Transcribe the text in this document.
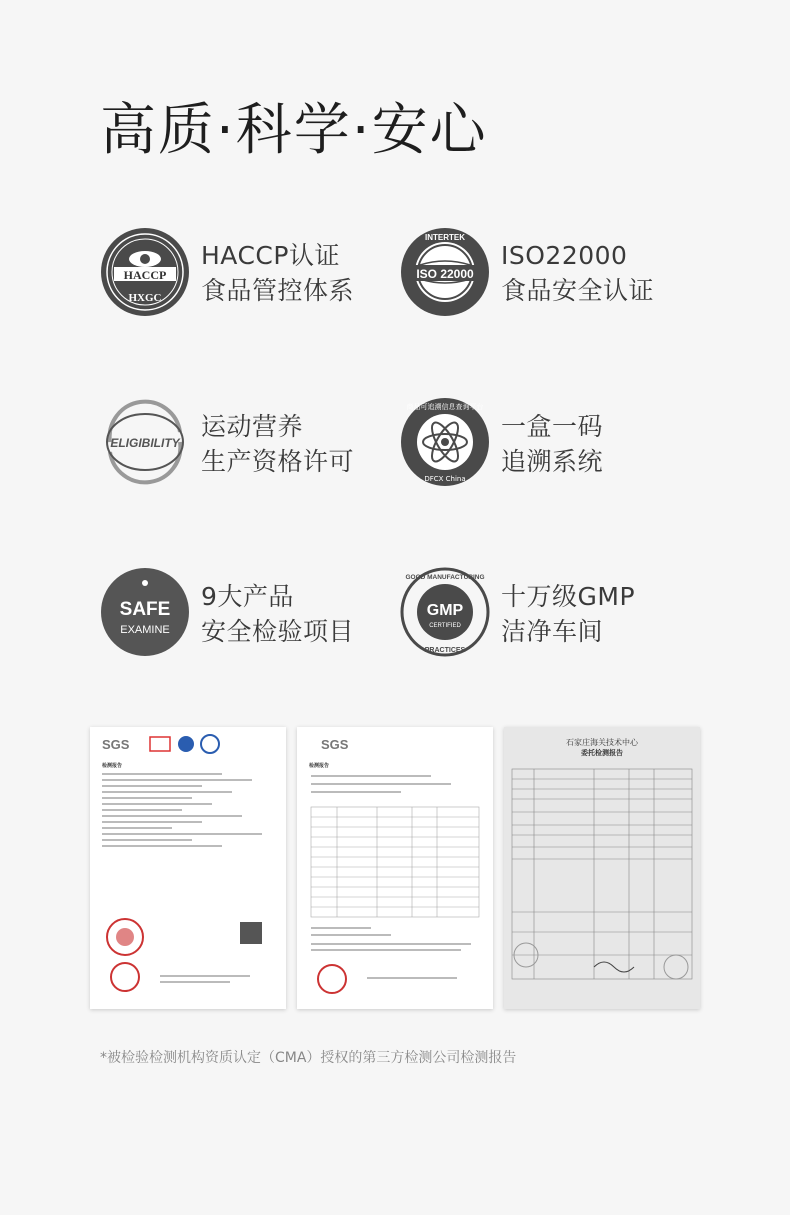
高质·科学·安心
HACCP
HXGC
HACCP认证
食品管控体系
ISO 22000
INTERTEK
ISO22000
食品安全认证
ELIGIBILITY
运动营养
生产资格许可
商品可追溯信息查询平台
DFCX China
一盒一码
追溯系统
SAFE
EXAMINE
9大产品
安全检验项目
GMP
CERTIFIED
GOOD MANUFACTURING
PRACTICES
十万级GMP
洁净车间
SGS
检测报告
SGS
检测报告
石家庄海关技术中心
委托检测报告
*被检验检测机构资质认定（CMA）授权的第三方检测公司检测报告
